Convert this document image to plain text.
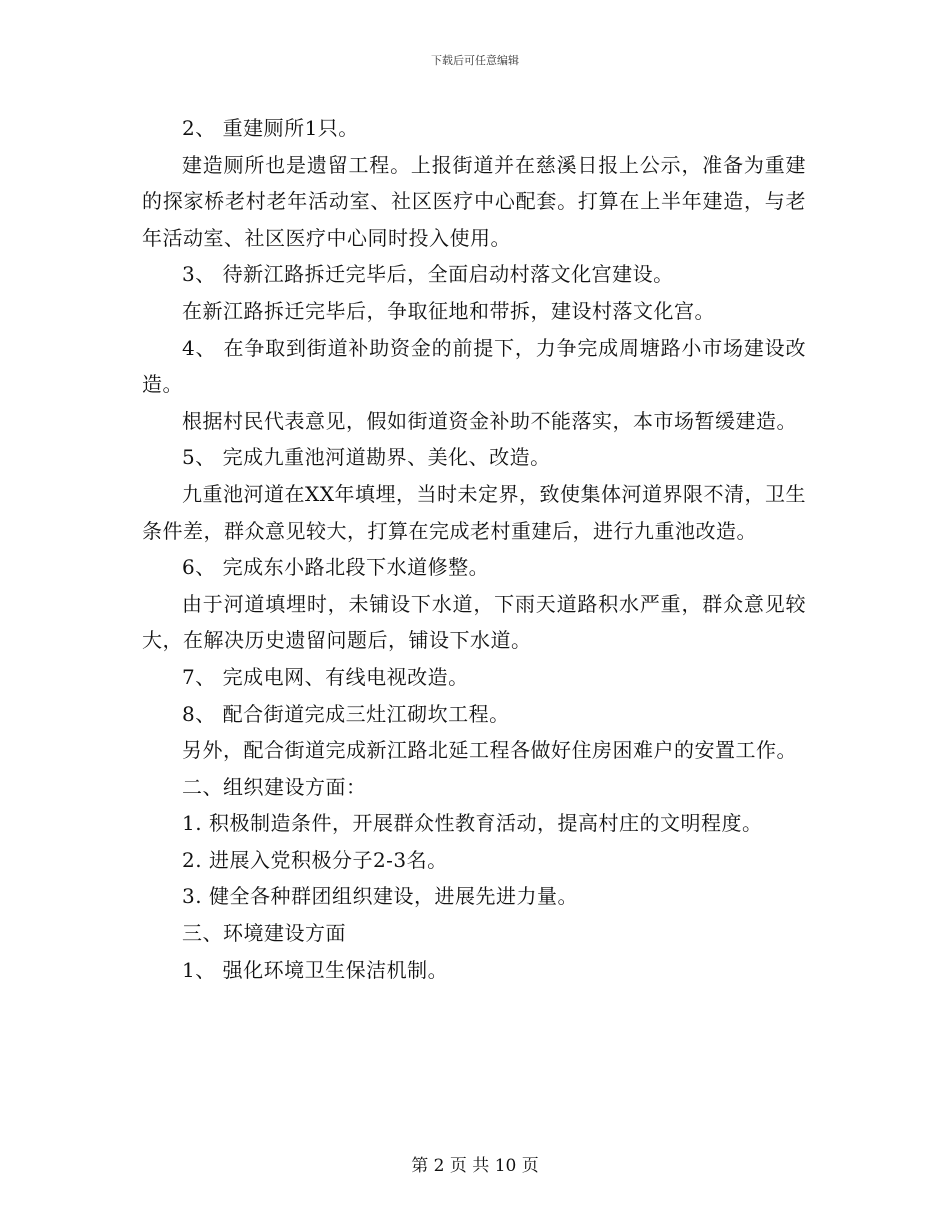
下载后可任意编辑

2、 重建厕所1只。

建造厕所也是遗留工程。上报街道并在慈溪日报上公示，准备为重建的探家桥老村老年活动室、社区医疗中心配套。打算在上半年建造，与老年活动室、社区医疗中心同时投入使用。

3、 待新江路拆迁完毕后，全面启动村落文化宫建设。

在新江路拆迁完毕后，争取征地和带拆，建设村落文化宫。

4、 在争取到街道补助资金的前提下，力争完成周塘路小市场建设改造。

根据村民代表意见，假如街道资金补助不能落实，本市场暂缓建造。

5、 完成九重池河道勘界、美化、改造。

九重池河道在XX年填埋，当时未定界，致使集体河道界限不清，卫生条件差，群众意见较大，打算在完成老村重建后，进行九重池改造。

6、 完成东小路北段下水道修整。

由于河道填埋时，未铺设下水道，下雨天道路积水严重，群众意见较大，在解决历史遗留问题后，铺设下水道。

7、 完成电网、有线电视改造。

8、 配合街道完成三灶江砌坎工程。

另外，配合街道完成新江路北延工程各做好住房困难户的安置工作。

二、组织建设方面：

1. 积极制造条件，开展群众性教育活动，提高村庄的文明程度。

2. 进展入党积极分子2-3名。

3. 健全各种群团组织建设，进展先进力量。

三、环境建设方面

1、 强化环境卫生保洁机制。

第 2 页 共 10 页
